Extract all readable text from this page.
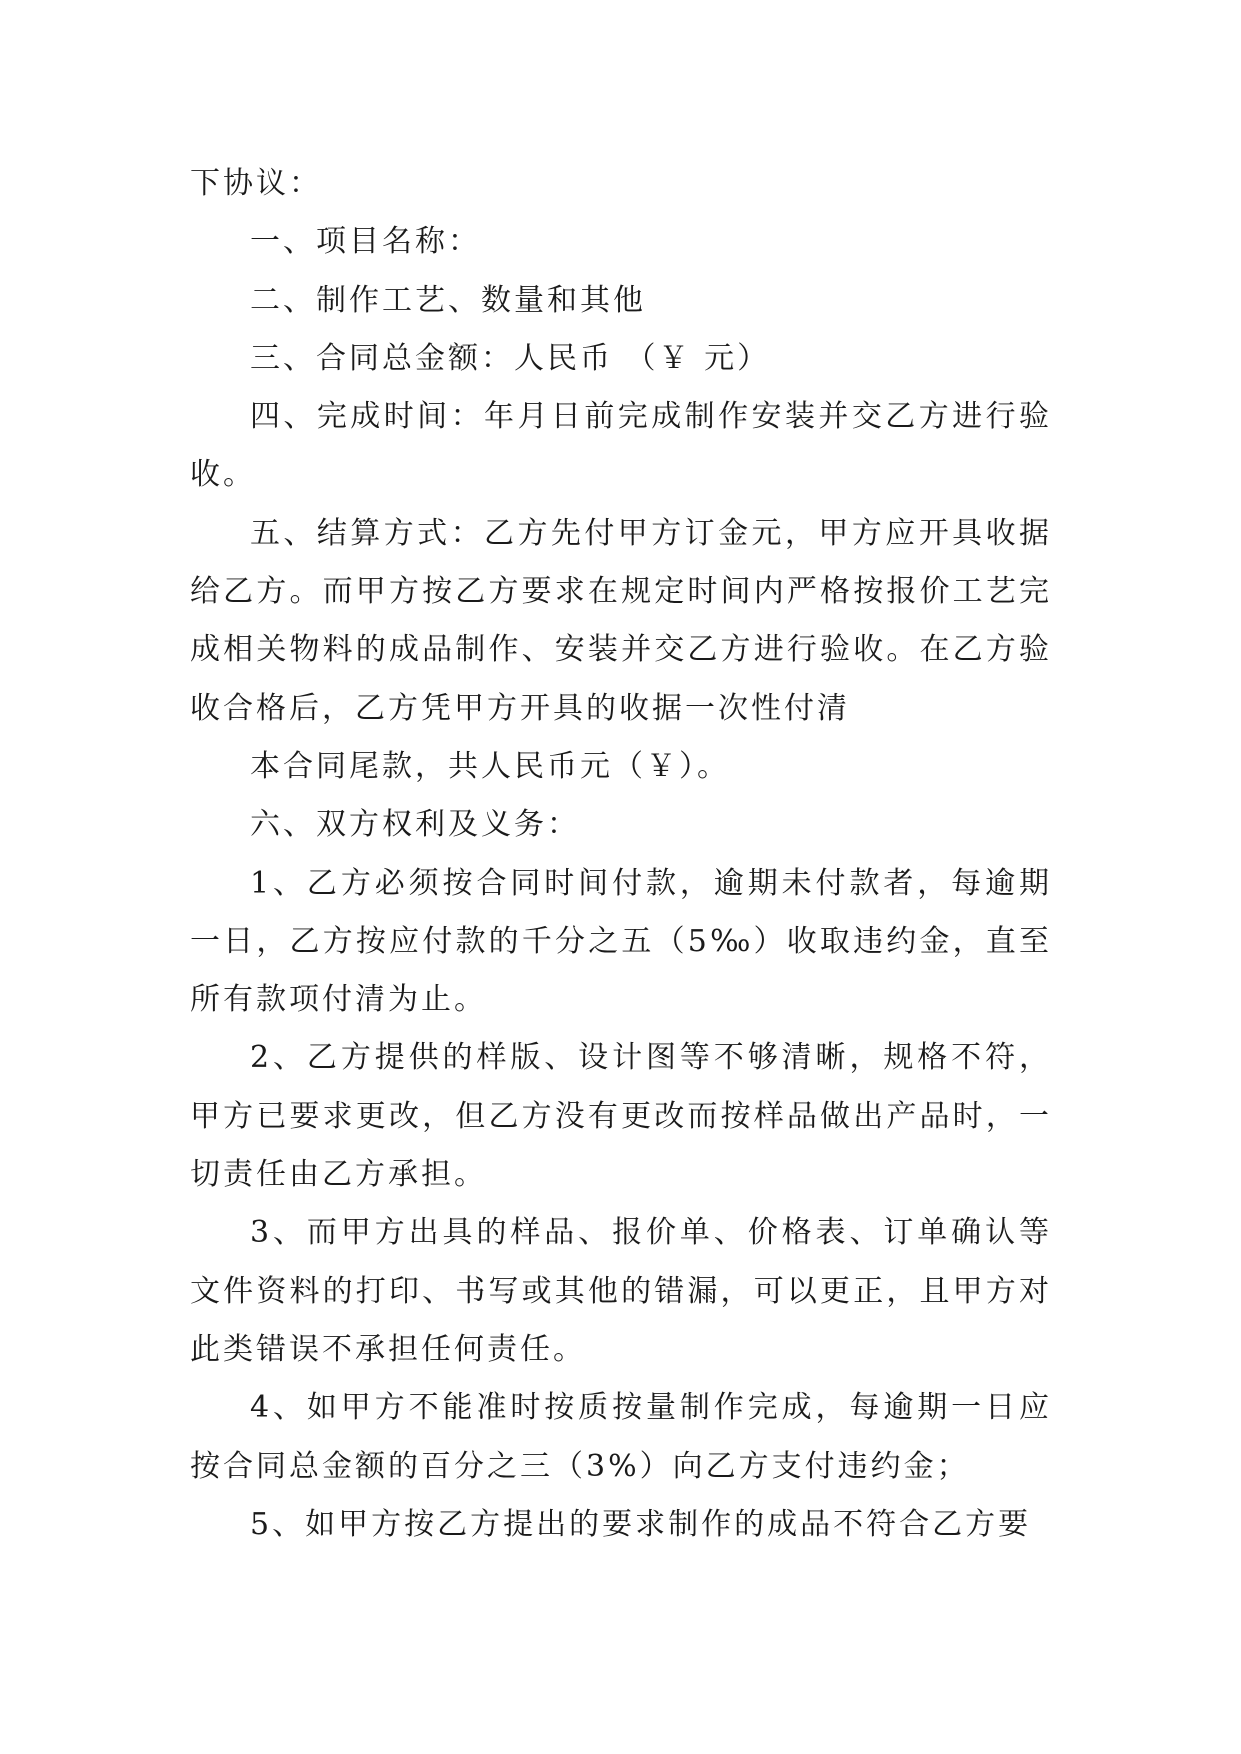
下协议：

一、项目名称：

二、制作工艺、数量和其他

三、合同总金额：人民币 （￥ 元）

四、完成时间：年月日前完成制作安装并交乙方进行验收。

五、结算方式：乙方先付甲方订金元，甲方应开具收据给乙方。而甲方按乙方要求在规定时间内严格按报价工艺完成相关物料的成品制作、安装并交乙方进行验收。在乙方验收合格后，乙方凭甲方开具的收据一次性付清

本合同尾款，共人民币元（￥）。

六、双方权利及义务：

1、乙方必须按合同时间付款，逾期未付款者，每逾期一日，乙方按应付款的千分之五（5‰）收取违约金，直至所有款项付清为止。

2、乙方提供的样版、设计图等不够清晰，规格不符，甲方已要求更改，但乙方没有更改而按样品做出产品时，一切责任由乙方承担。

3、而甲方出具的样品、报价单、价格表、订单确认等文件资料的打印、书写或其他的错漏，可以更正，且甲方对此类错误不承担任何责任。

4、如甲方不能准时按质按量制作完成，每逾期一日应按合同总金额的百分之三（3%）向乙方支付违约金；

5、如甲方按乙方提出的要求制作的成品不符合乙方要
